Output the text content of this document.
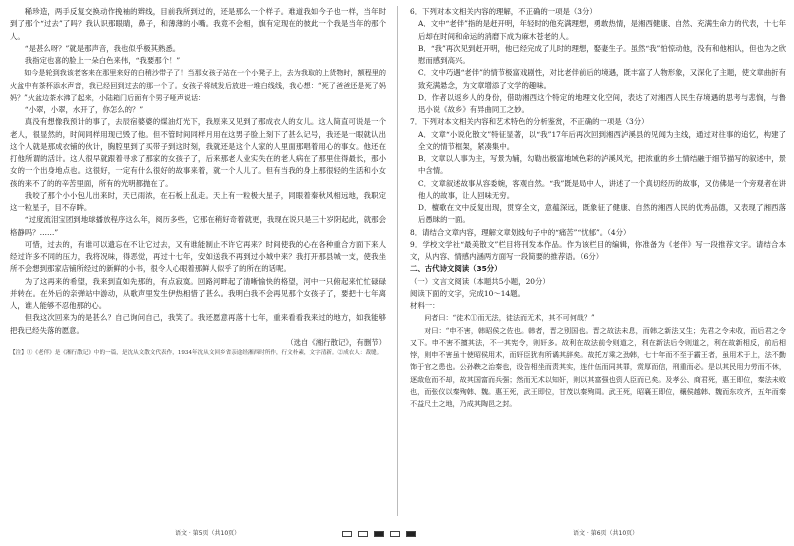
稀珍造，两手反复交换动作挽袖的辫线，目前我所到过的，还是那么一个样子。难道我如今子也一样，当年时到了那个“过去”了吗？我认识那眼睛，鼻子，和薄薄的小嘴。我竟不会相，旗有定现在的彼此一个我是当年的那个人。

“是甚么呀？”就是那声音，我也似乎极其熟悉。

我指定也喜的脸上一朵白色来伟，“我要那个！”

如今是轮到我该老客来在那里来好的白稍沙带子了！当那女孩子站在一个小凳子上，去为我取的上货物时，额程里的火盆中有茶杯添水声音，我已经回到过去的那一个了。女孩子将绒发后放进一堆白线线，我心想：“死了爸爸还是死了妈妈？”火盆边茶水沸了起来，小陆箱门后面有个男子哑声说话：

“小翠，小翠，水开了，你怎么的？”

真没有想像我预计的事了，去辰宿婆婆的煤油灯光下，我原来又见到了那成衣人的女儿。这人简直可说是一个老人，很显然的，时间同样用现已毁了他。但不管时间同样月用在这男子脸上刻下了甚么记号，我还是一眼就认出这个人就是那成衣铺的伙计，胸腔里到了买带子到这时刻，我就还是这个人家的人里面那唱着用心的事女。他还在打他所谓的活计。这人很早就跟着寻求了那家的女孩子了，后来那老人业实失在的老人病在了那里住得最长，那小女的一个出身地点也。这很好，一定有什么很好的故事来着，就一个人儿了。但有当我的身上那很轻的生活和小女孩的来不了的的辛苦里面，所有的光明都抛在了。

我咬了那个小小包儿出来时，天已雨浓，在石板上乱走。天上有一粒极大星子，同眼着秦秋风相远地，我职定这一粒星子，目不存眸。

“过度流泪宝团到地球播放程序这么年，阅历多些，它那在稍好奇着就更，我现在说只是三十岁阴起此，就那会格静吗？……”

可惜，过去的，有谁可以遗忘在不让它过去，又有谁能制止不许它再来？时间使我的心在各种重合方面下来人经过许多不同的压力，我将况味，得恶觉，再过十七年，安如送我不再到过小城中来？我打开那县城一支，使我坐所不会想到那家店铺所经过的新鲜的小书，很令人心眼着那鲜人似乎了的所在的话呢。

为了这再来的希望，我来到直如先那的，有点寂寞。回路河畔起了清晰愉快的格望，河中一只俯起来忙忙碌碌并转在。在外后的亲弹站中游动，从歌声里发生伊热相惜了甚么。我明白我不会再见那个女孩子了，要把十七年离人，谁人能够不忍他那的心。

但我这次回来为的是甚么？自己询问自己，我笑了。我还愿意再落十七年，重来看看我来过的地方，如我能够把我已经失落的愿意。

（选自《湘行散记》，有删节）

【注】①《老伴》是《湘行散记》中的一篇，是沈从文散文代表作，1934年沈从文回乡省亲途经湘西时所作，行文朴素，文字清新。②成衣人：裁缝。

6．下列对本文相关内容的理解，不正确的一项是（3分）

A．文中“老伴”指的是赶开明，年轻时的他充满理想，勇敢热情，是湘西健康、自然、充满生命力的代表，十七年后却在时间和命运的消磨下成为麻木苍老的人。

B．“我”再次见到赶开明，他已经完成了儿时的理想，娶妻生子。虽然“我”怕惊动他，没有和他相认，但也为之欣慰而感到高兴。

C．文中巧遇“老伴”的情节极富戏剧性，对比老伴前后的境遇，既丰富了人物形象，又深化了主题，使文章曲折有致充满悬念，为文章增添了文学的趣味。

D．作者以返乡人的身份，借助湘西这个特定的地理文化空间，表达了对湘西人民生存境遇的思考与悲悯，与鲁迅小说《故乡》有异曲同工之妙。

7．下列对本文相关内容和艺术特色的分析鉴赏，不正确的一项是（3分）

A．文章“小说化散文”特征显著，以“我”17年后再次回到湘西泸溪县的见闻为主线，通过对往事的追忆，构建了全文的情节框架，紧凑集中。

B．文章以人事为主，写景为辅，勾勒出极富地域色彩的泸溪风光，把浓重的乡土情结融于细节描写的叙述中，景中含情。

C．文章叙述故事从容委婉，客观自然。“我”既是局中人，讲述了一个真切经历的故事，又仿佛是一个旁观者在讲他人的故事，让人回味无穷。

D．檀歌在文中反复出现，贯穿全文，意蕴深远，既象征了健康、自然的湘西人民的优秀品德，又表现了湘西落后愚昧的一面。

8．请结合文章内容，理解文章划线句子中的“痛苦”“忧郁”。（4分）

9．学校文学社“最美散文”栏目将刊发本作品。作为该栏目的编辑，你准备为《老伴》写一段推荐文字。请结合本文，从内容、情感内涵两方面写一段简要的推荐语。（6分）

二、古代诗文阅读（35分）

（一）文言文阅读（本题共5小题，20分）

阅读下面的文字，完成10～14题。

材料一：

问者曰：“徒术①而无法，徒法而无术，其不可何哉？”

对曰：“申不害，韩昭侯之佐也。韩者，晋之别国也。晋之故法未息，而韩之新法又生；先君之令未收，而后君之令又下。申不害不擅其法，不一其宪令，则奸多。故利在故法前令则道之，利在新法后令则道之，利在故新相反，前后相悖，则申不害虽十使昭侯用术，而奸臣犹有所谲其辞矣。故托万乘之劲韩，七十年而不至于霸王者，虽用术于上，法不勤饰于官之患也。公孙鞅之治秦也，设告相坐而责其实，连什伍而同其罪，赏厚而信，刑重而必。是以其民用力劳而不休，逐敌危而不却，故其国富而兵强；然而无术以知奸，则以其富强也资人臣而已矣。及孝公、商君死，惠王即位，秦法未败也，而张仪以秦殉韩、魏。惠王死，武王即位，甘茂以秦殉周。武王死，昭襄王即位，穰侯越韩、魏而东攻齐，五年而秦不益尺土之地，乃成其陶邑之封。

语文 · 第5页（共10页）	语文 · 第6页（共10页）
